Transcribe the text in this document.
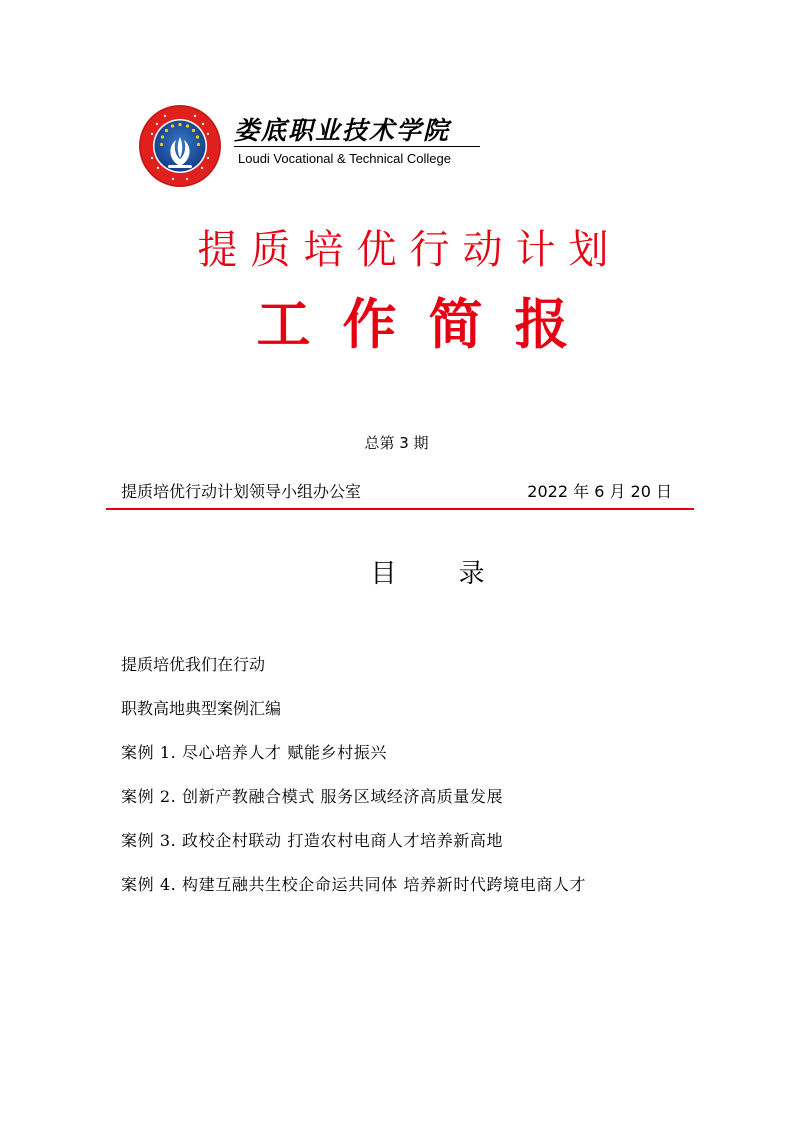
娄底职业技术学院
Loudi Vocational & Technical College
提质培优行动计划
工作简报
总第 3 期
提质培优行动计划领导小组办公室	2022 年 6 月 20 日
目录
提质培优我们在行动
职教高地典型案例汇编
案例 1. 尽心培养人才 赋能乡村振兴
案例 2. 创新产教融合模式 服务区域经济高质量发展
案例 3. 政校企村联动 打造农村电商人才培养新高地
案例 4. 构建互融共生校企命运共同体 培养新时代跨境电商人才
